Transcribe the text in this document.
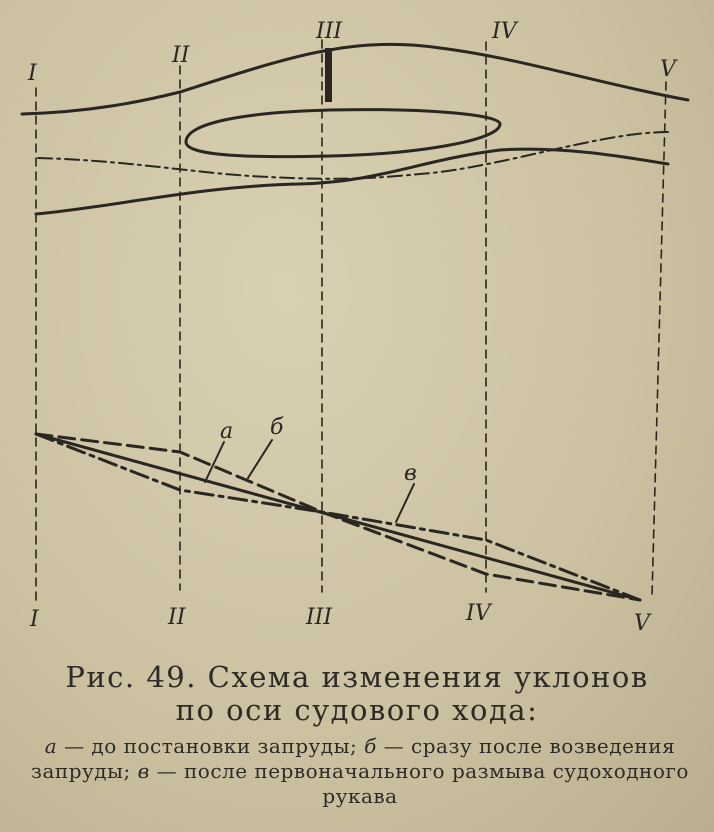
I
II
III	IV
V
I	II	III	IV	V
а б
в
Рис. 49. Схема изменения уклонов
по оси судового хода:
а — до постановки запруды; б — сразу после возведения запруды; в — после первоначального размыва судоходного рукава
